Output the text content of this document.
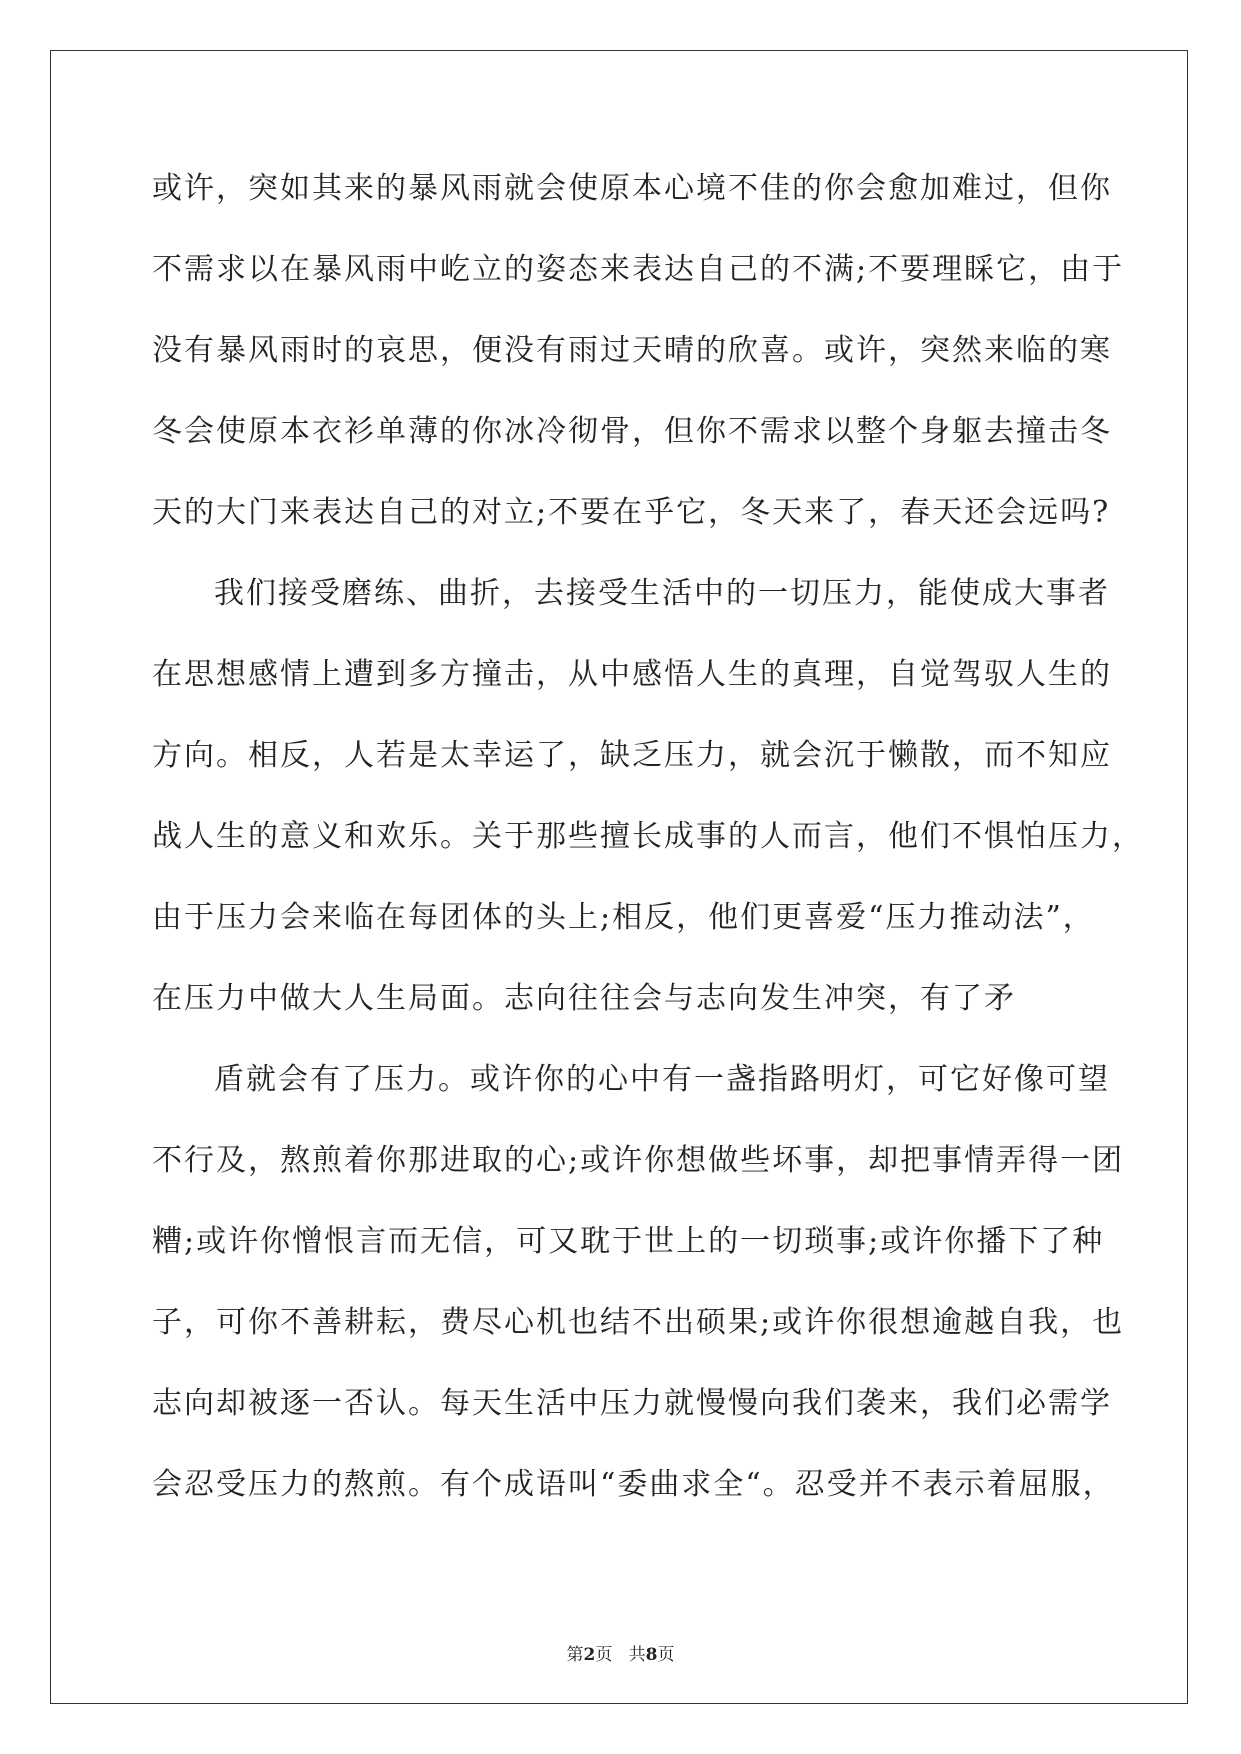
或许，突如其来的暴风雨就会使原本心境不佳的你会愈加难过，但你
不需求以在暴风雨中屹立的姿态来表达自己的不满;不要理睬它，由于
没有暴风雨时的哀思，便没有雨过天晴的欣喜。或许，突然来临的寒
冬会使原本衣衫单薄的你冰冷彻骨，但你不需求以整个身躯去撞击冬
天的大门来表达自己的对立;不要在乎它，冬天来了，春天还会远吗?
我们接受磨练、曲折，去接受生活中的一切压力，能使成大事者
在思想感情上遭到多方撞击，从中感悟人生的真理，自觉驾驭人生的
方向。相反，人若是太幸运了，缺乏压力，就会沉于懒散，而不知应
战人生的意义和欢乐。关于那些擅长成事的人而言，他们不惧怕压力，
由于压力会来临在每团体的头上;相反，他们更喜爱“压力推动法”，
在压力中做大人生局面。志向往往会与志向发生冲突，有了矛
盾就会有了压力。或许你的心中有一盏指路明灯，可它好像可望
不行及，熬煎着你那进取的心;或许你想做些坏事，却把事情弄得一团
糟;或许你憎恨言而无信，可又耽于世上的一切琐事;或许你播下了种
子，可你不善耕耘，费尽心机也结不出硕果;或许你很想逾越自我，也
志向却被逐一否认。每天生活中压力就慢慢向我们袭来，我们必需学
会忍受压力的熬煎。有个成语叫“委曲求全“。忍受并不表示着屈服，
第2页   共8页
